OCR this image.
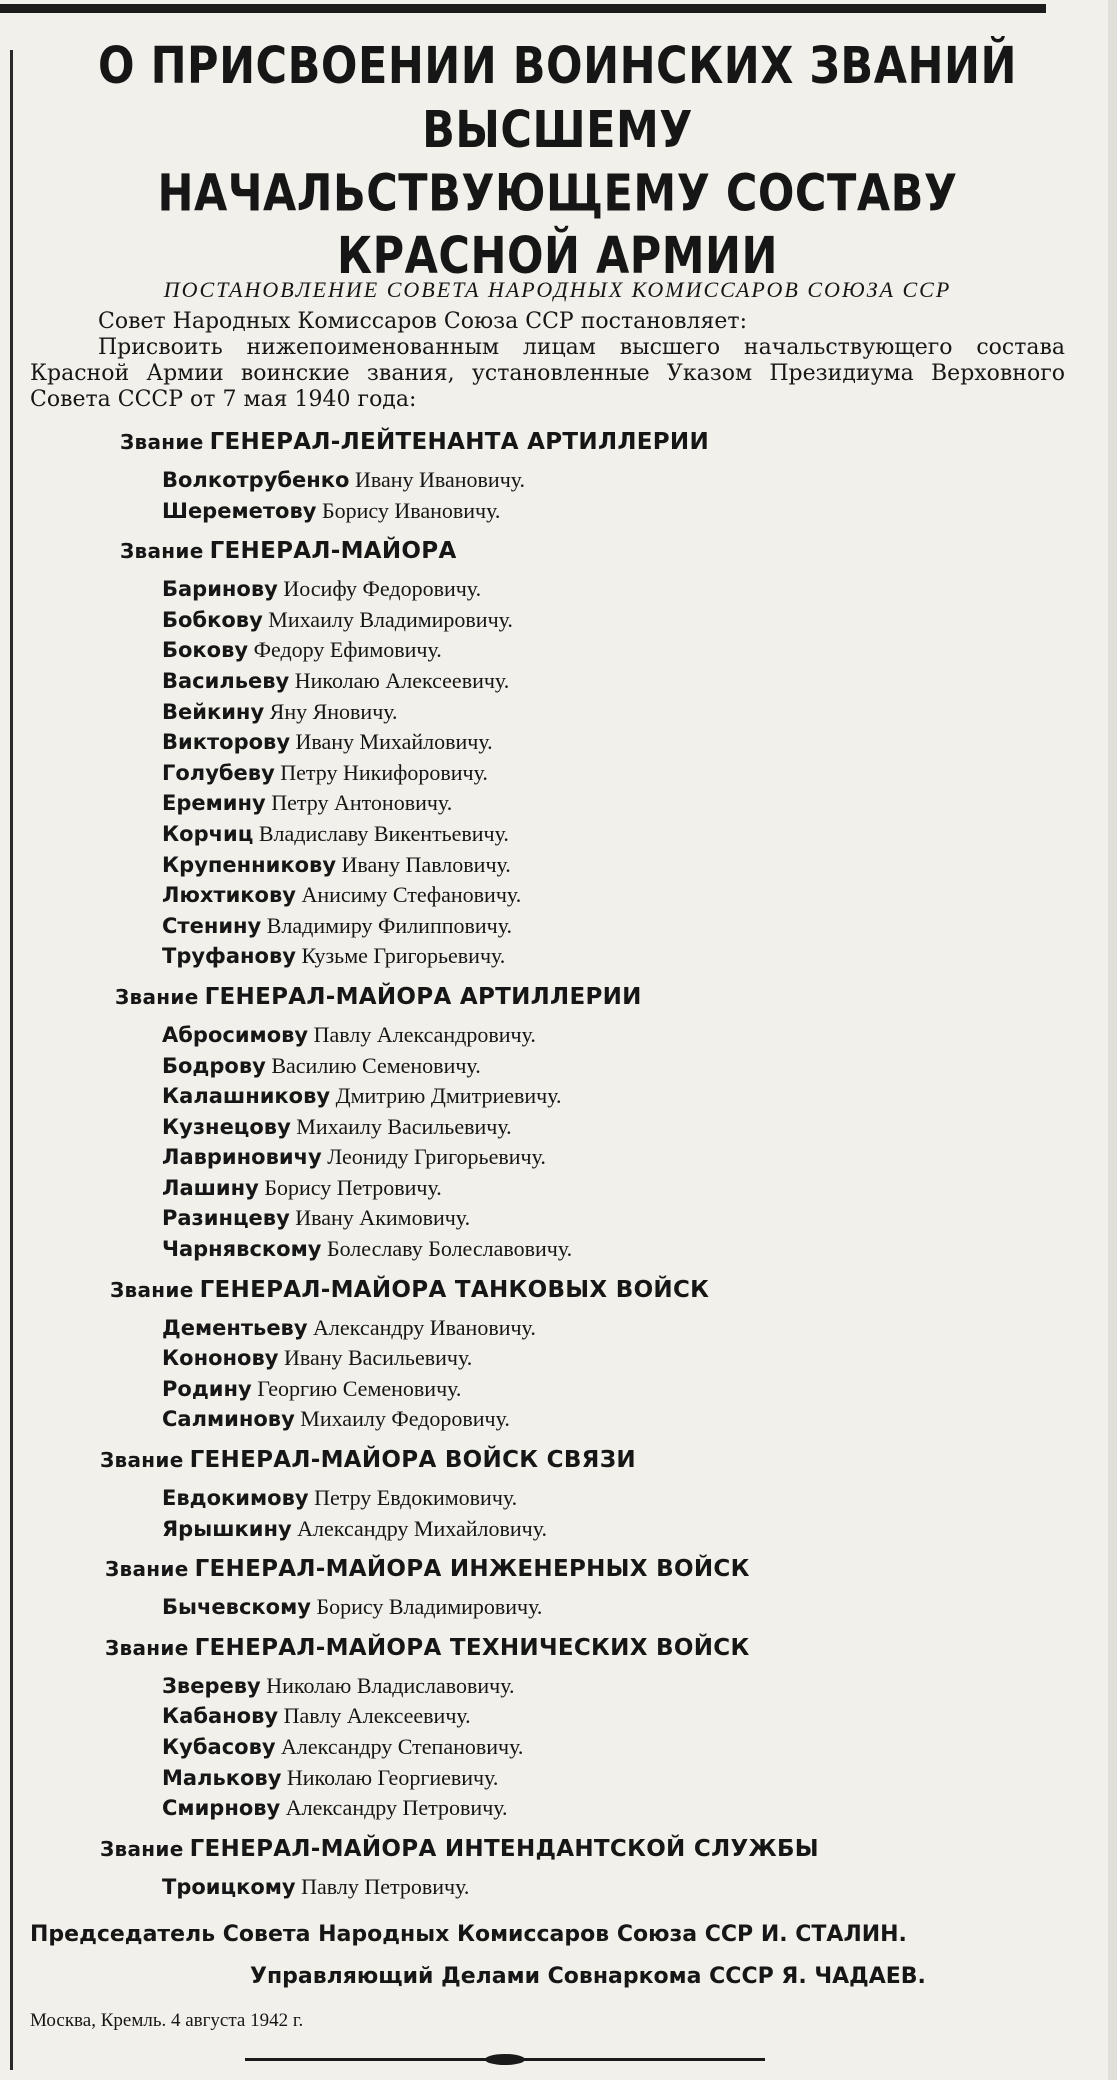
О ПРИСВОЕНИИ ВОИНСКИХ ЗВАНИЙ ВЫСШЕМУ
НАЧАЛЬСТВУЮЩЕМУ СОСТАВУ КРАСНОЙ АРМИИ
ПОСТАНОВЛЕНИЕ СОВЕТА НАРОДНЫХ КОМИССАРОВ СОЮЗА ССР

Совет Народных Комиссаров Союза ССР постановляет:

Присвоить нижепоименованным лицам высшего начальствующего состава Красной Армии воинские звания, установленные Указом Президиума Верховного Совета СССР от 7 мая 1940 года:

Звание ГЕНЕРАЛ-ЛЕЙТЕНАНТА АРТИЛЛЕРИИ
Волкотрубенко Ивану Ивановичу.
Шереметову Борису Ивановичу.
Звание ГЕНЕРАЛ-МАЙОРА
Баринову Иосифу Федоровичу.
Бобкову Михаилу Владимировичу.
Бокову Федору Ефимовичу.
Васильеву Николаю Алексеевичу.
Вейкину Яну Яновичу.
Викторову Ивану Михайловичу.
Голубеву Петру Никифоровичу.
Еремину Петру Антоновичу.
Корчиц Владиславу Викентьевичу.
Крупенникову Ивану Павловичу.
Люхтикову Анисиму Стефановичу.
Стенину Владимиру Филипповичу.
Труфанову Кузьме Григорьевичу.
Звание ГЕНЕРАЛ-МАЙОРА АРТИЛЛЕРИИ
Абросимову Павлу Александровичу.
Бодрову Василию Семеновичу.
Калашникову Дмитрию Дмитриевичу.
Кузнецову Михаилу Васильевичу.
Лавриновичу Леониду Григорьевичу.
Лашину Борису Петровичу.
Разинцеву Ивану Акимовичу.
Чарнявскому Болеславу Болеславовичу.
Звание ГЕНЕРАЛ-МАЙОРА ТАНКОВЫХ ВОЙСК
Дементьеву Александру Ивановичу.
Кононову Ивану Васильевичу.
Родину Георгию Семеновичу.
Салминову Михаилу Федоровичу.
Звание ГЕНЕРАЛ-МАЙОРА ВОЙСК СВЯЗИ
Евдокимову Петру Евдокимовичу.
Ярышкину Александру Михайловичу.
Звание ГЕНЕРАЛ-МАЙОРА ИНЖЕНЕРНЫХ ВОЙСК
Бычевскому Борису Владимировичу.
Звание ГЕНЕРАЛ-МАЙОРА ТЕХНИЧЕСКИХ ВОЙСК
Звереву Николаю Владиславовичу.
Кабанову Павлу Алексеевичу.
Кубасову Александру Степановичу.
Малькову Николаю Георгиевичу.
Смирнову Александру Петровичу.
Звание ГЕНЕРАЛ-МАЙОРА ИНТЕНДАНТСКОЙ СЛУЖБЫ
Троицкому Павлу Петровичу.
Председатель Совета Народных Комиссаров Союза ССР И. СТАЛИН.
Управляющий Делами Совнаркома СССР Я. ЧАДАЕВ.
Москва, Кремль. 4 августа 1942 г.
